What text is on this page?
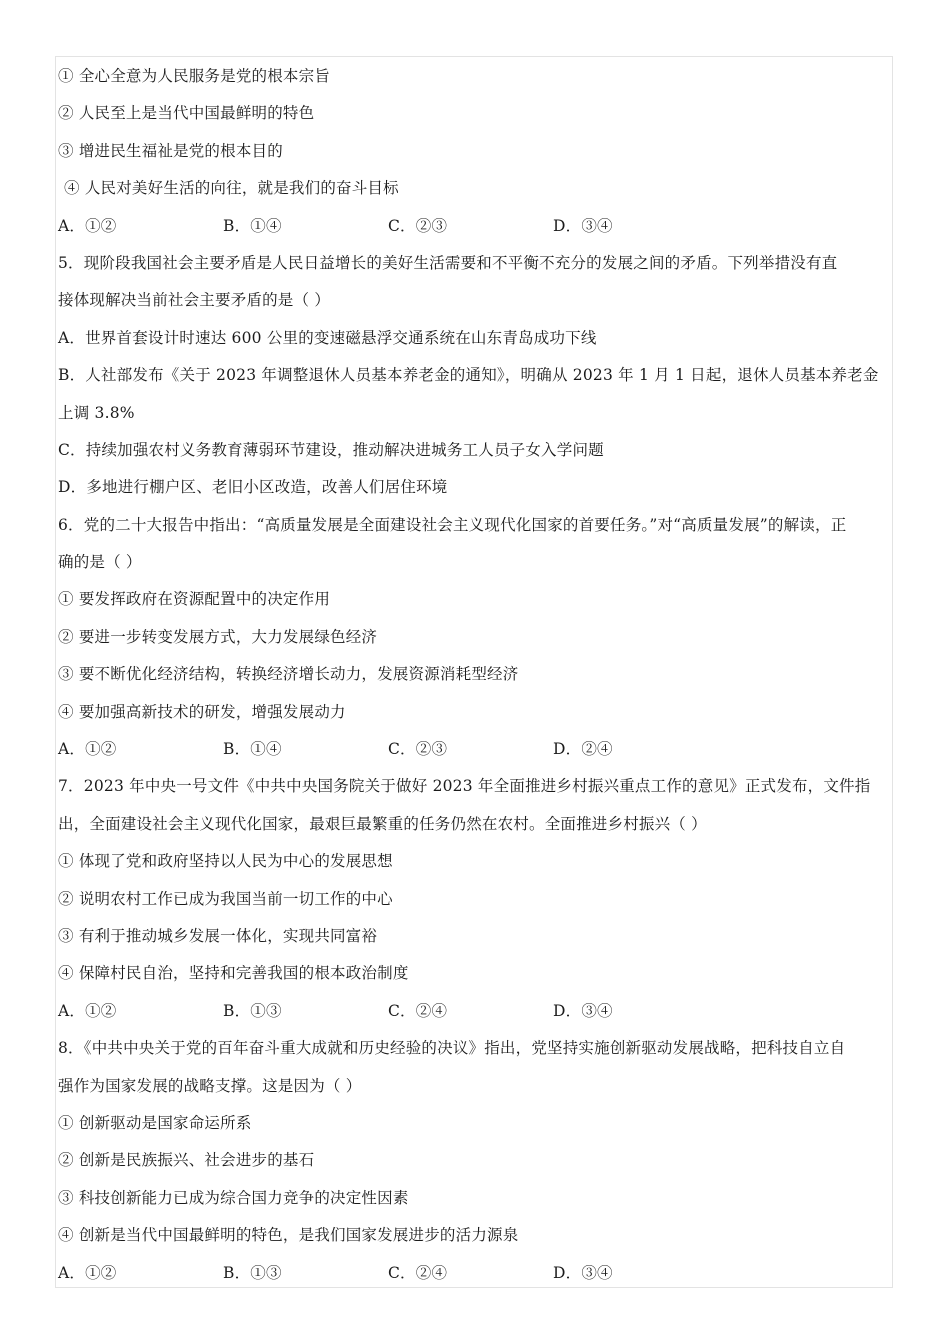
① 全心全意为人民服务是党的根本宗旨
② 人民至上是当代中国最鲜明的特色
③ 增进民生福祉是党的根本目的
④ 人民对美好生活的向往，就是我们的奋斗目标
A．①②	B．①④	C．②③	D．③④
5．现阶段我国社会主要矛盾是人民日益增长的美好生活需要和不平衡不充分的发展之间的矛盾。下列举措没有直
接体现解决当前社会主要矛盾的是（ ）
A．世界首套设计时速达 600 公里的变速磁悬浮交通系统在山东青岛成功下线
B．人社部发布《关于 2023 年调整退休人员基本养老金的通知》，明确从 2023 年 1 月 1 日起，退休人员基本养老金
上调 3.8%
C．持续加强农村义务教育薄弱环节建设，推动解决进城务工人员子女入学问题
D．多地进行棚户区、老旧小区改造，改善人们居住环境
6．党的二十大报告中指出：“高质量发展是全面建设社会主义现代化国家的首要任务。”对“高质量发展”的解读，正
确的是（ ）
① 要发挥政府在资源配置中的决定作用
② 要进一步转变发展方式，大力发展绿色经济
③ 要不断优化经济结构，转换经济增长动力，发展资源消耗型经济
④ 要加强高新技术的研发，增强发展动力
A．①②	B．①④	C．②③	D．②④
7．2023 年中央一号文件《中共中央国务院关于做好 2023 年全面推进乡村振兴重点工作的意见》正式发布，文件指
出，全面建设社会主义现代化国家，最艰巨最繁重的任务仍然在农村。全面推进乡村振兴（ ）
① 体现了党和政府坚持以人民为中心的发展思想
② 说明农村工作已成为我国当前一切工作的中心
③ 有利于推动城乡发展一体化，实现共同富裕
④ 保障村民自治，坚持和完善我国的根本政治制度
A．①②	B．①③	C．②④	D．③④
8．《中共中央关于党的百年奋斗重大成就和历史经验的决议》指出，党坚持实施创新驱动发展战略，把科技自立自
强作为国家发展的战略支撑。这是因为（ ）
① 创新驱动是国家命运所系
② 创新是民族振兴、社会进步的基石
③ 科技创新能力已成为综合国力竞争的决定性因素
④ 创新是当代中国最鲜明的特色，是我们国家发展进步的活力源泉
A．①②	B．①③	C．②④	D．③④
